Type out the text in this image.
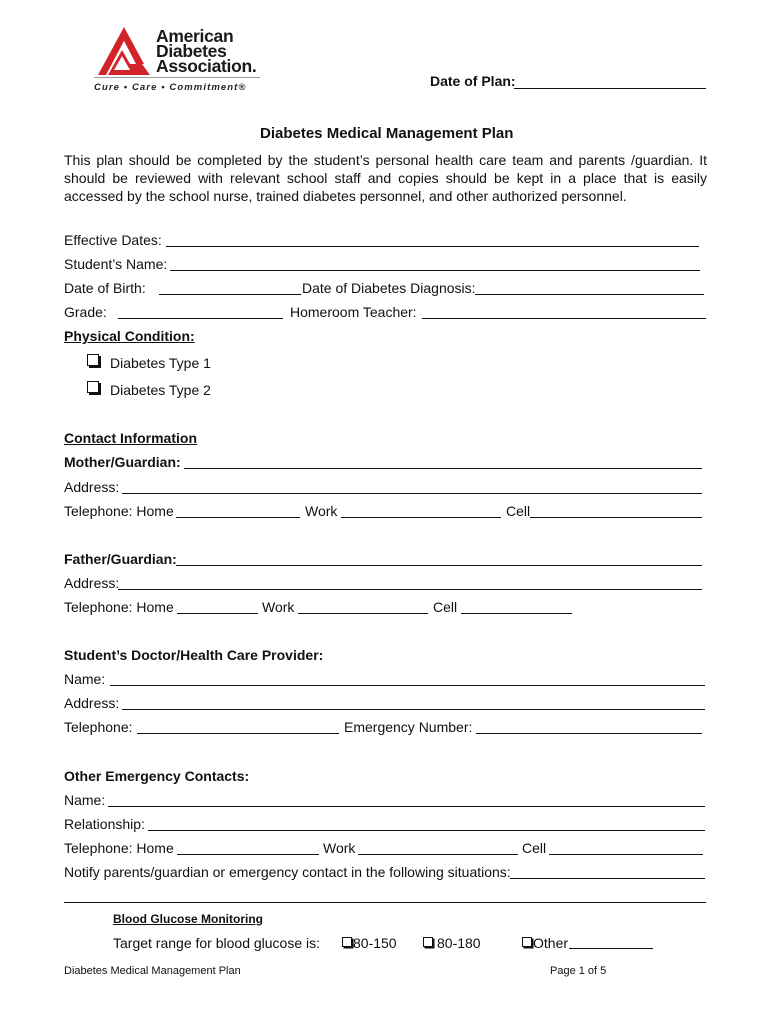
American
Diabetes
Association.
Cure • Care • Commitment®	Date of Plan:
Diabetes Medical Management Plan
This plan should be completed by the student’s personal health care team and parents /guardian. It should be reviewed with relevant school staff and copies should be kept in a place that is easily accessed by the school nurse, trained diabetes personnel, and other authorized personnel.
Effective Dates:
Student’s Name:
Date of Birth:	Date of Diabetes Diagnosis:
Grade:	Homeroom Teacher:
Physical Condition:
Diabetes Type 1
Diabetes Type 2
Contact Information
Mother/Guardian:
Address:
Telephone: Home	Work	Cell
Father/Guardian:
Address:
Telephone: Home	Work	Cell
Student’s Doctor/Health Care Provider:
Name:
Address:
Telephone:	Emergency Number:
Other Emergency Contacts:
Name:
Relationship:
Telephone: Home	Work	Cell
Notify parents/guardian or emergency contact in the following situations:
Blood Glucose Monitoring
Target range for blood glucose is: 80-150	80-180	Other
Diabetes Medical Management Plan	Page 1 of 5
